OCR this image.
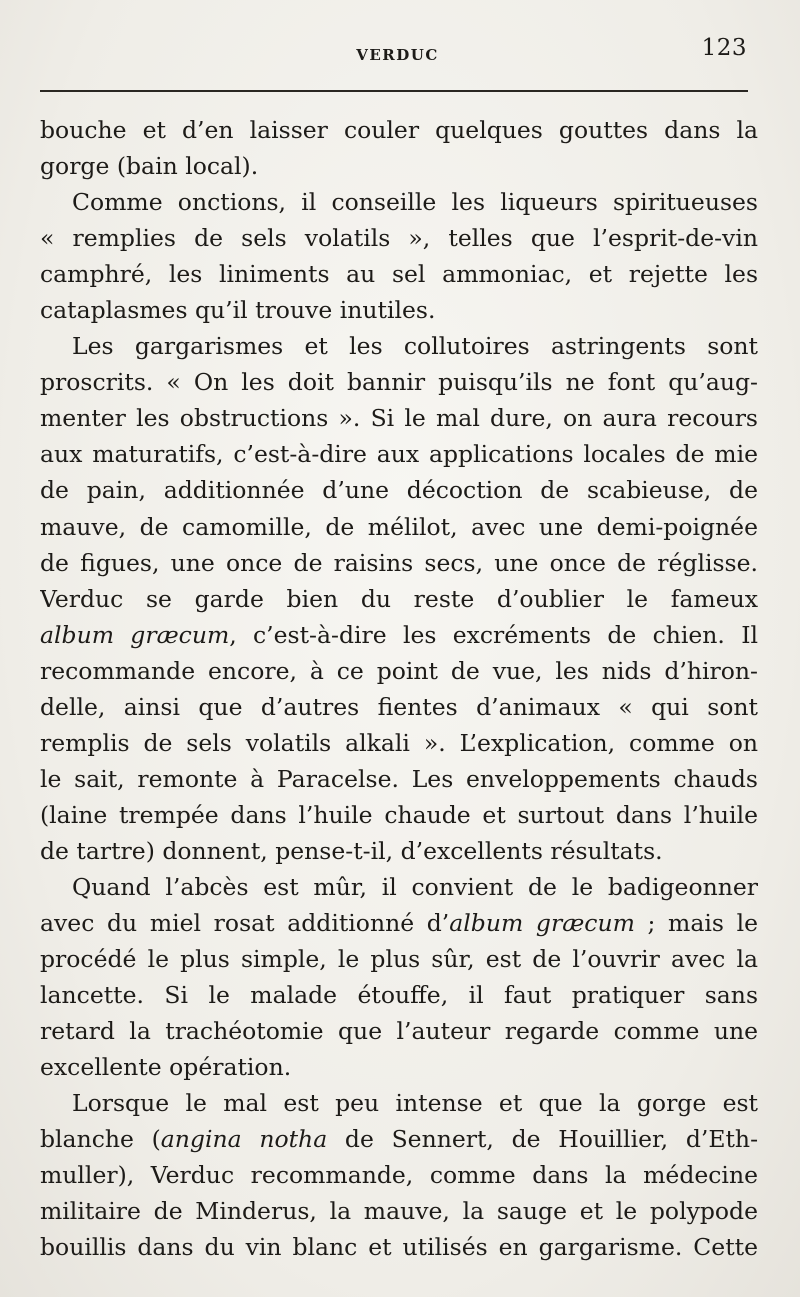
VERDUC	123
bouche et d’en laisser couler quelques gouttes dans la
gorge (bain local).
Comme onctions, il conseille les liqueurs spiritueuses
« remplies de sels volatils », telles que l’esprit-de-vin
camphré, les liniments au sel ammoniac, et rejette les
cataplasmes qu’il trouve inutiles.
Les gargarismes et les collutoires astringents sont
proscrits. « On les doit bannir puisqu’ils ne font qu’aug-
menter les obstructions ». Si le mal dure, on aura recours
aux maturatifs, c’est-à-dire aux applications locales de mie
de pain, additionnée d’une décoction de scabieuse, de
mauve, de camomille, de mélilot, avec une demi-poignée
de figues, une once de raisins secs, une once de réglisse.
Verduc se garde bien du reste d’oublier le fameux
album græcum, c’est-à-dire les excréments de chien. Il
recommande encore, à ce point de vue, les nids d’hiron-
delle, ainsi que d’autres fientes d’animaux « qui sont
remplis de sels volatils alkali ». L’explication, comme on
le sait, remonte à Paracelse. Les enveloppements chauds
(laine trempée dans l’huile chaude et surtout dans l’huile
de tartre) donnent, pense-t-il, d’excellents résultats.
Quand l’abcès est mûr, il convient de le badigeonner
avec du miel rosat additionné d’album græcum ; mais le
procédé le plus simple, le plus sûr, est de l’ouvrir avec la
lancette. Si le malade étouffe, il faut pratiquer sans
retard la trachéotomie que l’auteur regarde comme une
excellente opération.
Lorsque le mal est peu intense et que la gorge est
blanche (angina notha de Sennert, de Houillier, d’Eth-
muller), Verduc recommande, comme dans la médecine
militaire de Minderus, la mauve, la sauge et le polypode
bouillis dans du vin blanc et utilisés en gargarisme. Cette
